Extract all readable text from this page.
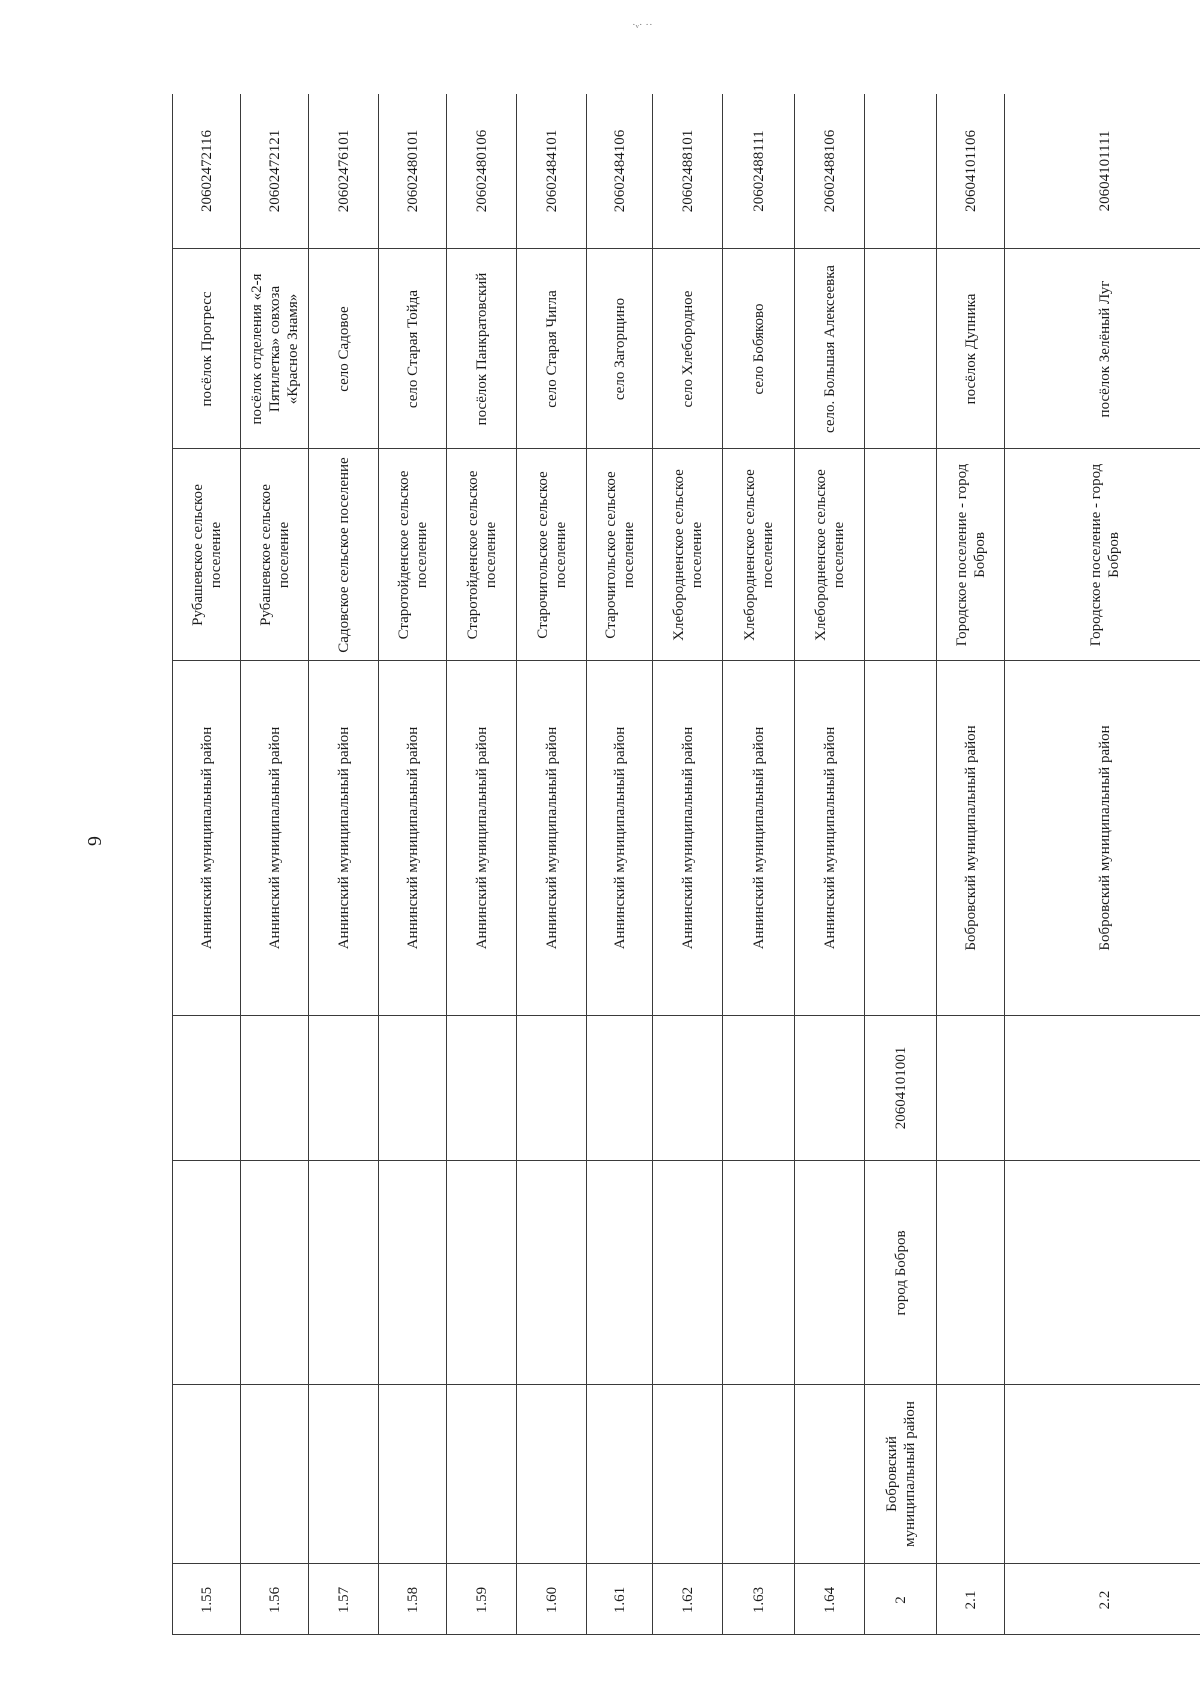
6
20602472116
посёлок Прогресс
Рубашевское сельское поселение
Аннинский муниципальный район
1.55
20602472121
посёлок отделения «2-я Пятилетка» совхоза «Красное Знамя»
Рубашевское сельское поселение
Аннинский муниципальный район
1.56
20602476101
село Садовое
Садовское сельское поселение
Аннинский муниципальный район
1.57
20602480101
село Старая Тойда
Старотойденское сельское поселение
Аннинский муниципальный район
1.58
20602480106
посёлок Панкратовский
Старотойденское сельское поселение
Аннинский муниципальный район
1.59
20602484101
село Старая Чигла
Старочигольское сельское поселение
Аннинский муниципальный район
1.60
20602484106
село Загорщино
Старочигольское сельское поселение
Аннинский муниципальный район
1.61
20602488101
село Хлебородное
Хлебородненское сельское поселение
Аннинский муниципальный район
1.62
20602488111
село Бобяково
Хлебородненское сельское поселение
Аннинский муниципальный район
1.63
20602488106
село. Большая Алексеевка
Хлебородненское сельское поселение
Аннинский муниципальный район
1.64
20604101001
город Бобров
Бобровский муниципальный район
2
20604101106
посёлок Дупника
Городское поселение - город Бобров
Бобровский муниципальный район
2.1
20604101111
посёлок Зелёный Луг
Городское поселение - город Бобров
Бобровский муниципальный район
2.2
˙ᵛ˙ ˙˙
